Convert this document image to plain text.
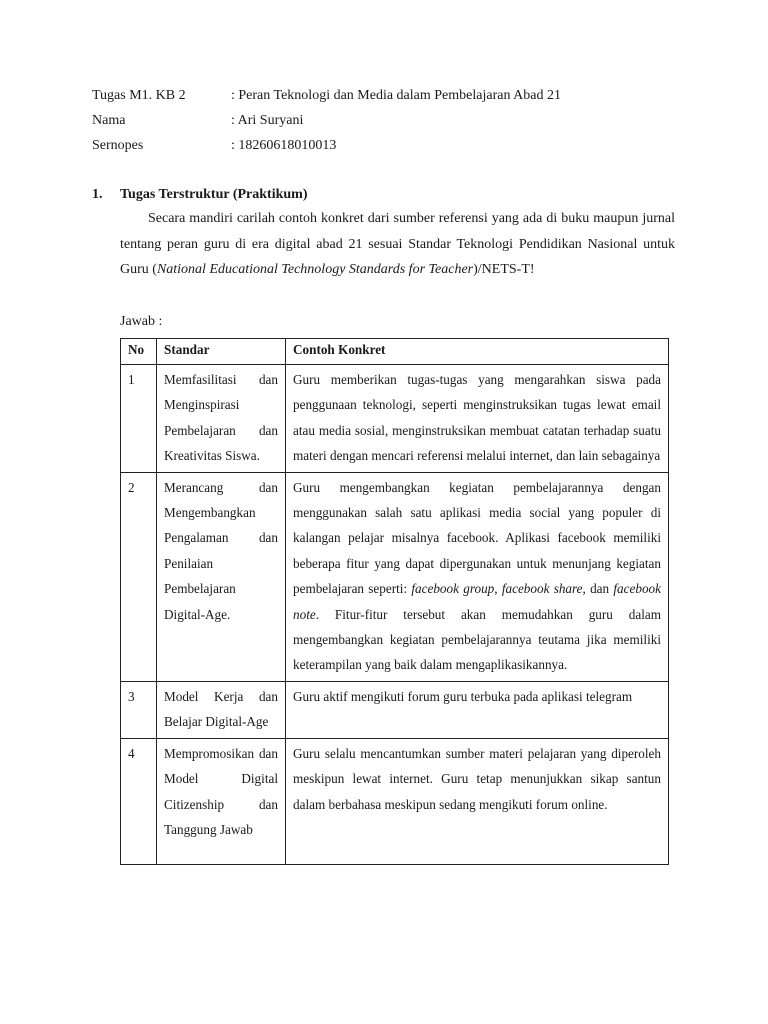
Tugas M1. KB 2	: Peran Teknologi dan Media dalam Pembelajaran Abad 21
Nama	: Ari Suryani
Sernopes	: 18260618010013
1.	Tugas Terstruktur (Praktikum)

Secara mandiri carilah contoh konkret dari sumber referensi yang ada di buku maupun jurnal tentang peran guru di era digital abad 21 sesuai Standar Teknologi Pendidikan Nasional untuk Guru (National Educational Technology Standards for Teacher)/NETS-T!

Jawab :
No	Standar	Contoh Konkret
1	Memfasilitasi dan Menginspirasi Pembelajaran dan Kreativitas Siswa.	Guru memberikan tugas-tugas yang mengarahkan siswa pada penggunaan teknologi, seperti menginstruksikan tugas lewat email atau media sosial, menginstruksikan membuat catatan terhadap suatu materi dengan mencari referensi melalui internet, dan lain sebagainya
2	Merancang dan Mengembangkan Pengalaman dan Penilaian Pembelajaran Digital-Age.	Guru mengembangkan kegiatan pembelajarannya dengan menggunakan salah satu aplikasi media social yang populer di kalangan pelajar misalnya facebook. Aplikasi facebook memiliki beberapa fitur yang dapat dipergunakan untuk menunjang kegiatan pembelajaran seperti: facebook group, facebook share, dan facebook note. Fitur-fitur tersebut akan memudahkan guru dalam mengembangkan kegiatan pembelajarannya teutama jika memiliki keterampilan yang baik dalam mengaplikasikannya.
3	Model Kerja dan Belajar Digital-Age	Guru aktif mengikuti forum guru terbuka pada aplikasi telegram
4	Mempromosikan dan Model Digital Citizenship dan Tanggung Jawab	Guru selalu mencantumkan sumber materi pelajaran yang diperoleh meskipun lewat internet. Guru tetap menunjukkan sikap santun dalam berbahasa meskipun sedang mengikuti forum online.
